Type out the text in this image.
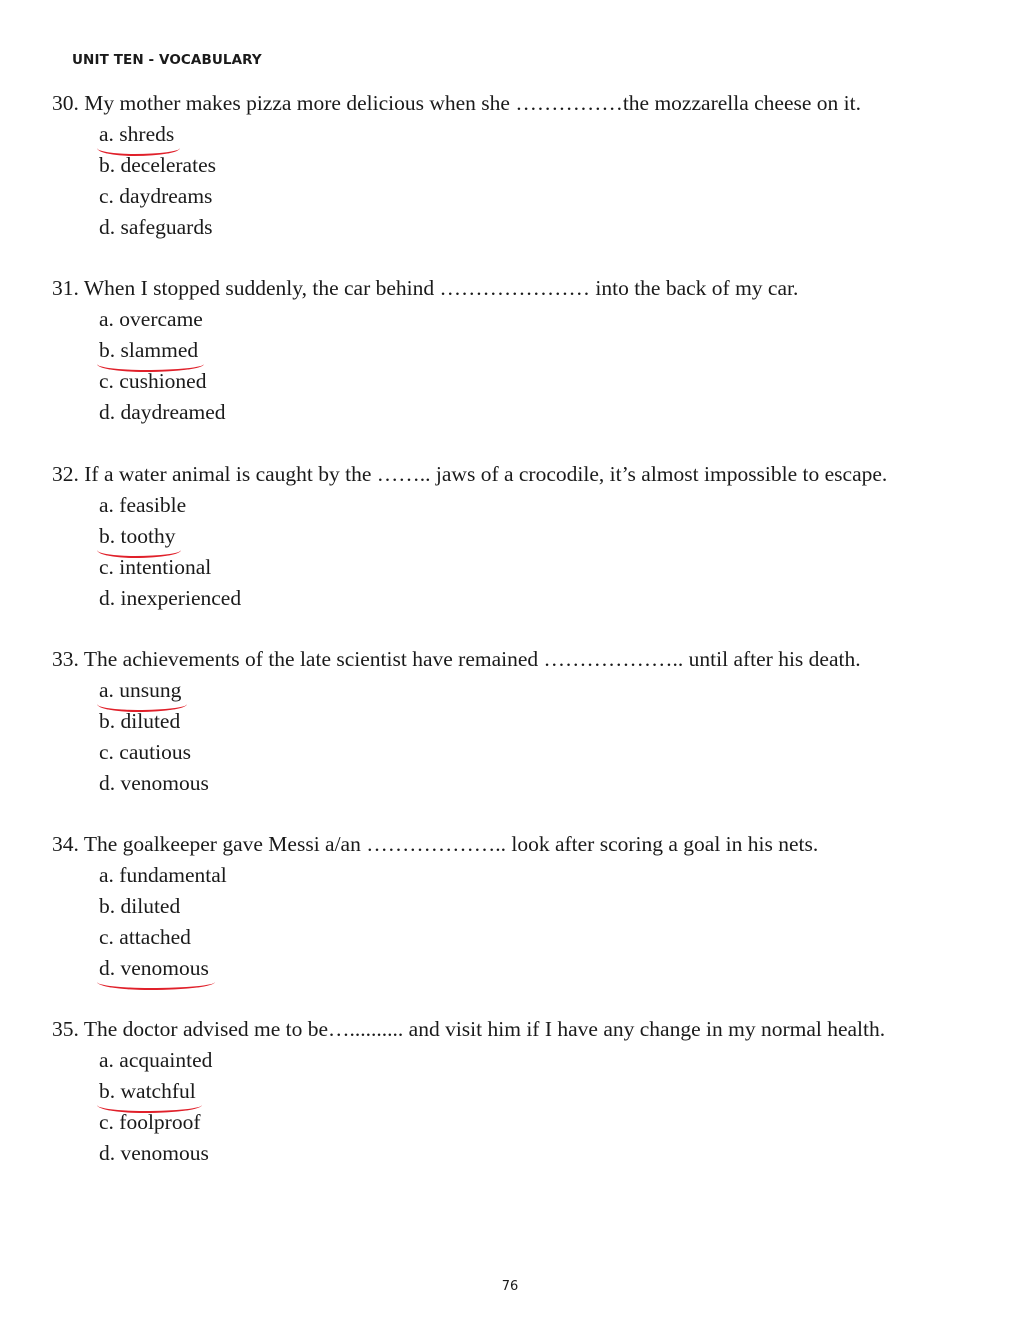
UNIT TEN - VOCABULARY
30. My mother makes pizza more delicious when she ……………the mozzarella cheese on it.
a. shreds
b. decelerates
c. daydreams
d. safeguards
31. When I stopped suddenly, the car behind ………………… into the back of my car.
a. overcame
b. slammed
c. cushioned
d. daydreamed
32. If a water animal is caught by the …….. jaws of a crocodile, it’s almost impossible to escape.
a. feasible
b. toothy
c. intentional
d. inexperienced
33. The achievements of the late scientist have remained ……………….. until after his death.
a. unsung
b. diluted
c. cautious
d. venomous
34. The goalkeeper gave Messi a/an ……………….. look after scoring a goal in his nets.
a. fundamental
b. diluted
c. attached
d. venomous
35. The doctor advised me to be….......... and visit him if I have any change in my normal health.
a. acquainted
b. watchful
c. foolproof
d. venomous
76
